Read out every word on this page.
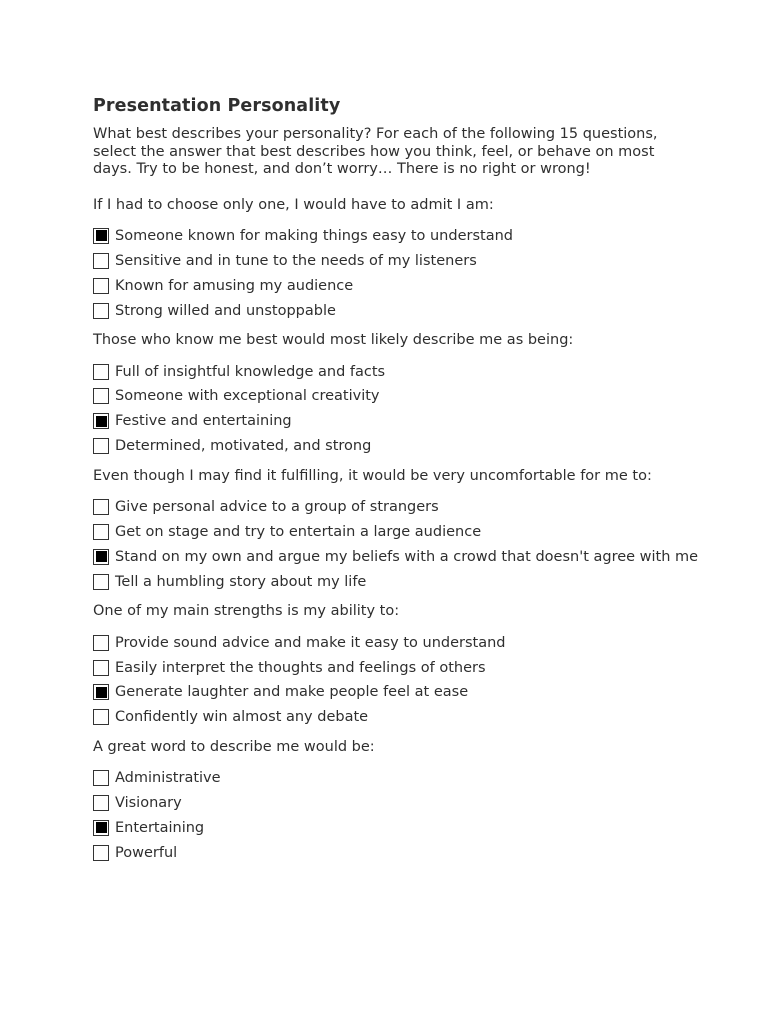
Presentation Personality

What best describes your personality? For each of the following 15 questions, select the answer that best describes how you think, feel, or behave on most days. Try to be honest, and don’t worry… There is no right or wrong!

If I had to choose only one, I would have to admit I am:

Someone known for making things easy to understand
Sensitive and in tune to the needs of my listeners
Known for amusing my audience
Strong willed and unstoppable

Those who know me best would most likely describe me as being:

Full of insightful knowledge and facts
Someone with exceptional creativity
Festive and entertaining
Determined, motivated, and strong

Even though I may find it fulfilling, it would be very uncomfortable for me to:

Give personal advice to a group of strangers
Get on stage and try to entertain a large audience
Stand on my own and argue my beliefs with a crowd that doesn't agree with me
Tell a humbling story about my life

One of my main strengths is my ability to:

Provide sound advice and make it easy to understand
Easily interpret the thoughts and feelings of others
Generate laughter and make people feel at ease
Confidently win almost any debate

A great word to describe me would be:

Administrative
Visionary
Entertaining
Powerful
